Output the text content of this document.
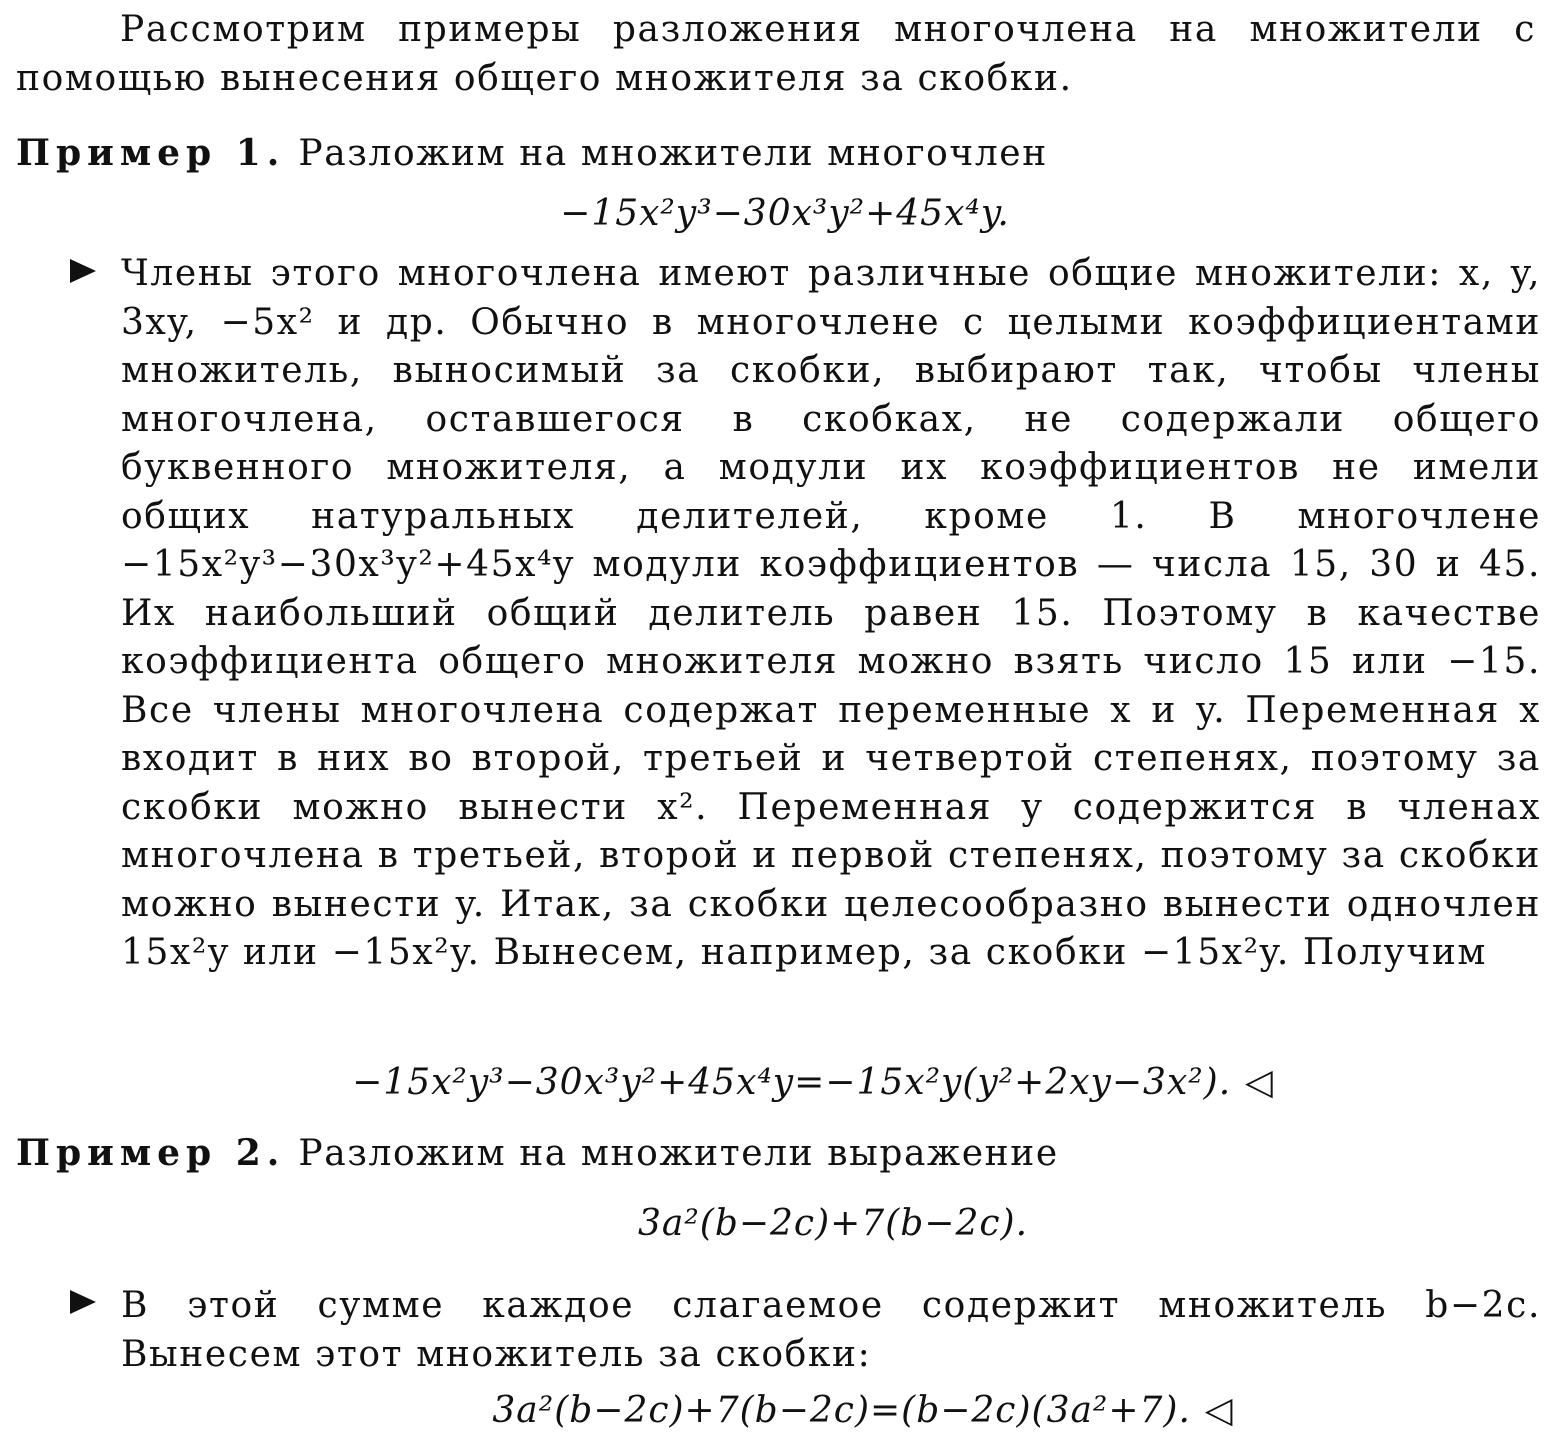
Рассмотрим примеры разложения многочлена на множители с помощью вынесения общего множителя за скобки.

Пример 1. Разложим на множители многочлен

−15x²y³−30x³y²+45x⁴y.

Члены этого многочлена имеют различные общие множители: x, y, 3xy, −5x² и др. Обычно в многочлене с целыми коэффициентами множитель, выносимый за скобки, выбирают так, чтобы члены многочлена, оставшегося в скобках, не содержали общего буквенного множителя, а модули их коэффициентов не имели общих натуральных делителей, кроме 1. В многочлене −15x²y³−30x³y²+45x⁴y модули коэффициентов — числа 15, 30 и 45. Их наибольший общий делитель равен 15. Поэтому в качестве коэффициента общего множителя можно взять число 15 или −15. Все члены многочлена содержат переменные x и y. Переменная x входит в них во второй, третьей и четвертой степенях, поэтому за скобки можно вынести x². Переменная y содержится в членах многочлена в третьей, второй и первой степенях, поэтому за скобки можно вынести y. Итак, за скобки целесообразно вынести одночлен 15x²y или −15x²y. Вынесем, например, за скобки −15x²y. Получим

−15x²y³−30x³y²+45x⁴y=−15x²y(y²+2xy−3x²). ◁

Пример 2. Разложим на множители выражение

3a²(b−2c)+7(b−2c).

В этой сумме каждое слагаемое содержит множитель b−2c. Вынесем этот множитель за скобки:

3a²(b−2c)+7(b−2c)=(b−2c)(3a²+7). ◁
